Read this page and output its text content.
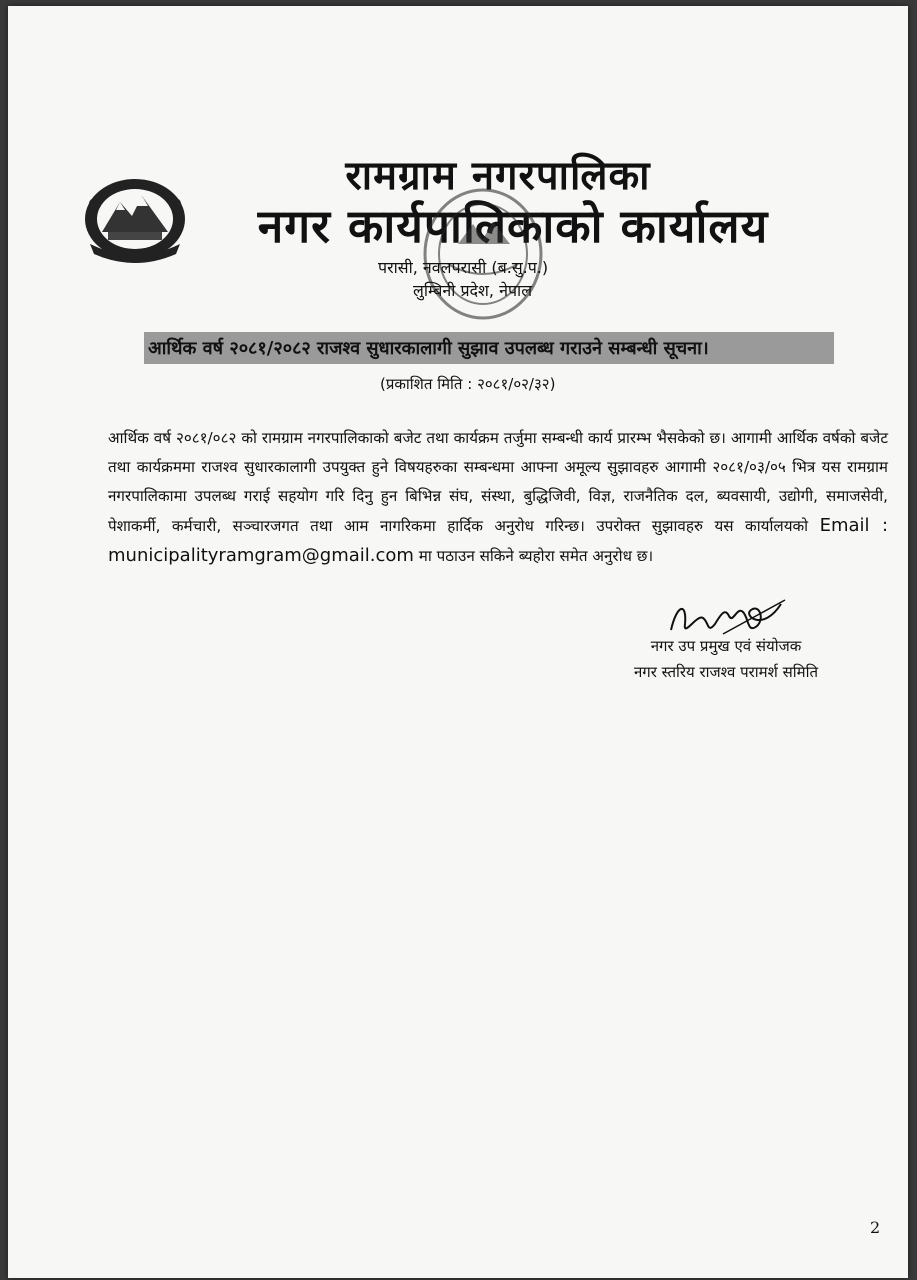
रामग्राम नगरपालिका
नगर कार्यपालिकाको कार्यालय
परासी, नवलपरासी (ब.सु.प.)
लुम्बिनी प्रदेश, नेपाल
आर्थिक वर्ष २०८१/२०८२ राजश्व सुधारकालागी सुझाव उपलब्ध गराउने सम्बन्धी सूचना।
(प्रकाशित मिति : २०८१/०२/३२)
आर्थिक वर्ष २०८१/०८२ को रामग्राम नगरपालिकाको बजेट तथा कार्यक्रम तर्जुमा सम्बन्धी कार्य प्रारम्भ भैसकेको छ। आगामी आर्थिक वर्षको बजेट तथा कार्यक्रममा राजश्व सुधारकालागी उपयुक्त हुने विषयहरुका सम्बन्धमा आफ्ना अमूल्य सुझावहरु आगामी २०८१/०३/०५ भित्र यस रामग्राम नगरपालिकामा उपलब्ध गराई सहयोग गरि दिनु हुन बिभिन्न संघ, संस्था, बुद्धिजिवी, विज्ञ, राजनैतिक दल, ब्यवसायी, उद्योगी, समाजसेवी, पेशाकर्मी, कर्मचारी, सञ्चारजगत तथा आम नागरिकमा हार्दिक अनुरोध गरिन्छ। उपरोक्त सुझावहरु यस कार्यालयको Email : municipalityramgram@gmail.com मा पठाउन सकिने ब्यहोरा समेत अनुरोध छ।
नगर उप प्रमुख एवं संयोजक
नगर स्तरिय राजश्व परामर्श समिति
2
